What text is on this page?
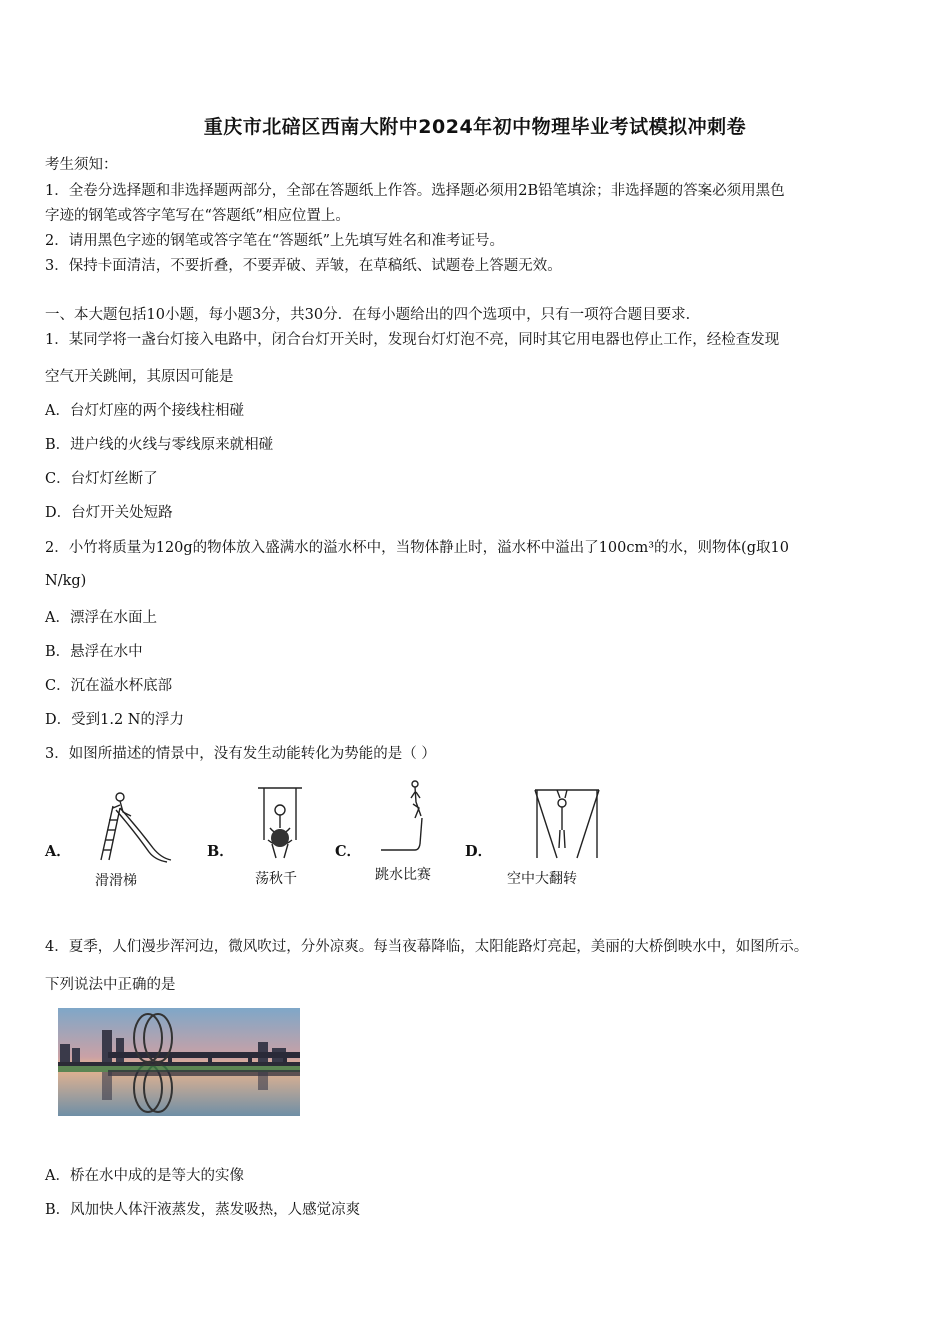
重庆市北碚区西南大附中2024年初中物理毕业考试模拟冲刺卷
考生须知：
1．全卷分选择题和非选择题两部分，全部在答题纸上作答。选择题必须用2B铅笔填涂；非选择题的答案必须用黑色
字迹的钢笔或答字笔写在“答题纸”相应位置上。
2．请用黑色字迹的钢笔或答字笔在“答题纸”上先填写姓名和准考证号。
3．保持卡面清洁，不要折叠，不要弄破、弄皱，在草稿纸、试题卷上答题无效。
一、本大题包括10小题，每小题3分，共30分．在每小题给出的四个选项中，只有一项符合题目要求．
1．某同学将一盏台灯接入电路中，闭合台灯开关时，发现台灯灯泡不亮，同时其它用电器也停止工作，经检查发现
空气开关跳闸，其原因可能是
A．台灯灯座的两个接线柱相碰
B．进户线的火线与零线原来就相碰
C．台灯灯丝断了
D．台灯开关处短路
2．小竹将质量为120g的物体放入盛满水的溢水杯中，当物体静止时，溢水杯中溢出了100cm³的水，则物体(g取10
N/kg)
A．漂浮在水面上
B．悬浮在水中
C．沉在溢水杯底部
D．受到1.2 N的浮力
3．如图所描述的情景中，没有发生动能转化为势能的是（ ）
A．
滑滑梯
B．
荡秋千
C．
跳水比赛
D．
空中大翻转
4．夏季，人们漫步浑河边，微风吹过，分外凉爽。每当夜幕降临，太阳能路灯亮起，美丽的大桥倒映水中，如图所示。
下列说法中正确的是
A．桥在水中成的是等大的实像
B．风加快人体汗液蒸发，蒸发吸热，人感觉凉爽
